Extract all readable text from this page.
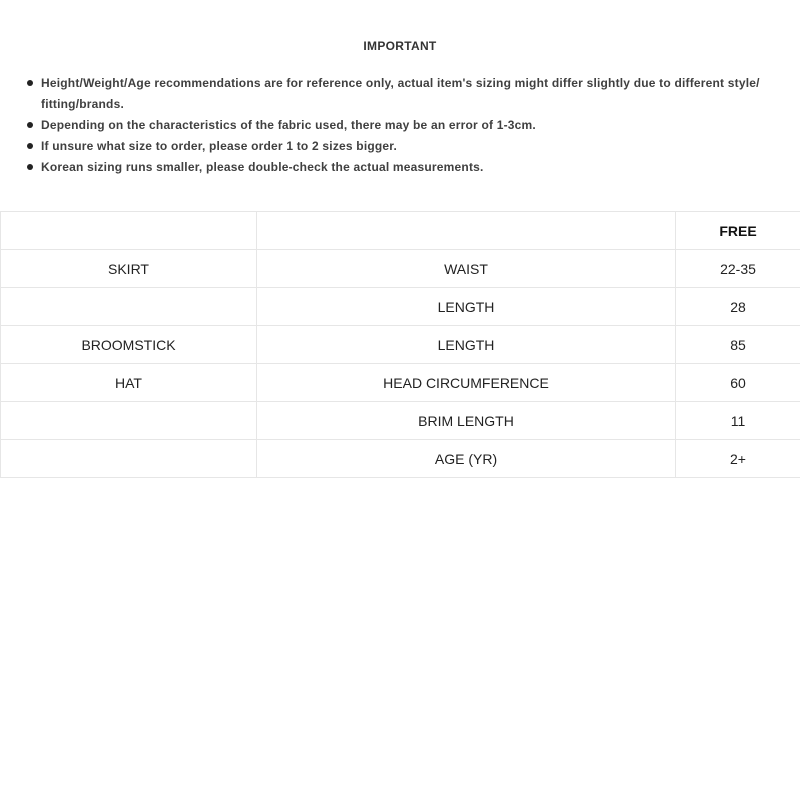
IMPORTANT
Height/Weight/Age recommendations are for reference only, actual item's sizing might differ slightly due to different style/ fitting/brands.
Depending on the characteristics of the fabric used, there may be an error of 1-3cm.
If unsure what size to order, please order 1 to 2 sizes bigger.
Korean sizing runs smaller, please double-check the actual measurements.
		FREE
SKIRT	WAIST	22-35
	LENGTH	28
BROOMSTICK	LENGTH	85
HAT	HEAD CIRCUMFERENCE	60
	BRIM LENGTH	11
	AGE (YR)	2+
